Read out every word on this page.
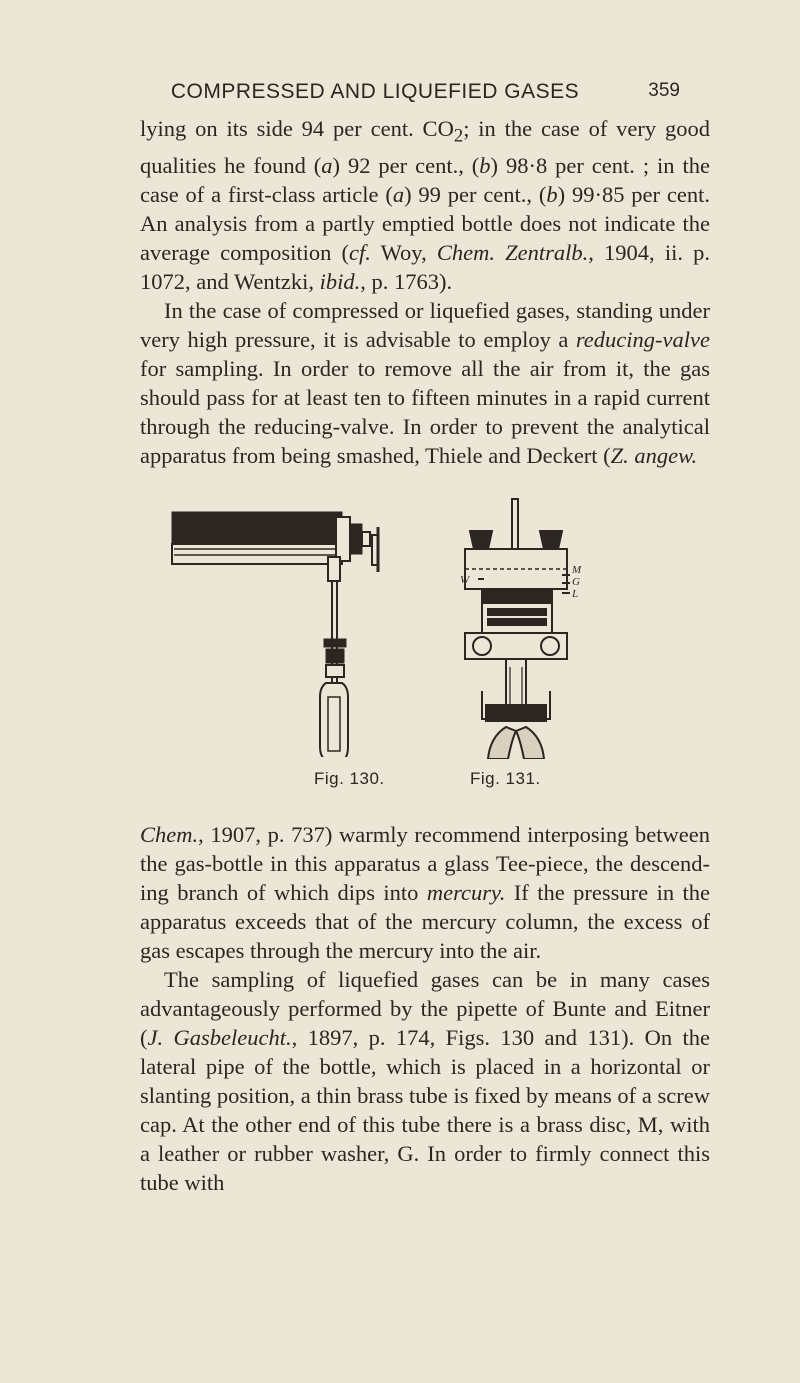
COMPRESSED AND LIQUEFIED GASES	359

lying on its side 94 per cent. $CO_2$; in the case of very good qualities he found (a) 92 per cent., (b) 98·8 per cent. ; in the case of a first-class article (a) 99 per cent., (b) 99·85 per cent. An analysis from a partly emptied bottle does not indicate the average composition (cf. Woy, Chem. Zentralb., 1904, ii. p. 1072, and Wentzki, ibid., p. 1763).

In the case of compressed or liquefied gases, standing under very high pressure, it is advisable to employ a reducing-valve for sampling. In order to remove all the air from it, the gas should pass for at least ten to fifteen minutes in a rapid current through the reducing-valve. In order to prevent the analytical apparatus from being smashed, Thiele and Deckert (Z. angew.

W
M
G
L
Fig. 130.	Fig. 131.

Chem., 1907, p. 737) warmly recommend interposing between the gas-bottle in this apparatus a glass Tee-piece, the descend-ing branch of which dips into mercury. If the pressure in the apparatus exceeds that of the mercury column, the excess of gas escapes through the mercury into the air.

The sampling of liquefied gases can be in many cases advantageously performed by the pipette of Bunte and Eitner (J. Gasbeleucht., 1897, p. 174, Figs. 130 and 131). On the lateral pipe of the bottle, which is placed in a horizontal or slanting position, a thin brass tube is fixed by means of a screw cap. At the other end of this tube there is a brass disc, M, with a leather or rubber washer, G. In order to firmly connect this tube with
